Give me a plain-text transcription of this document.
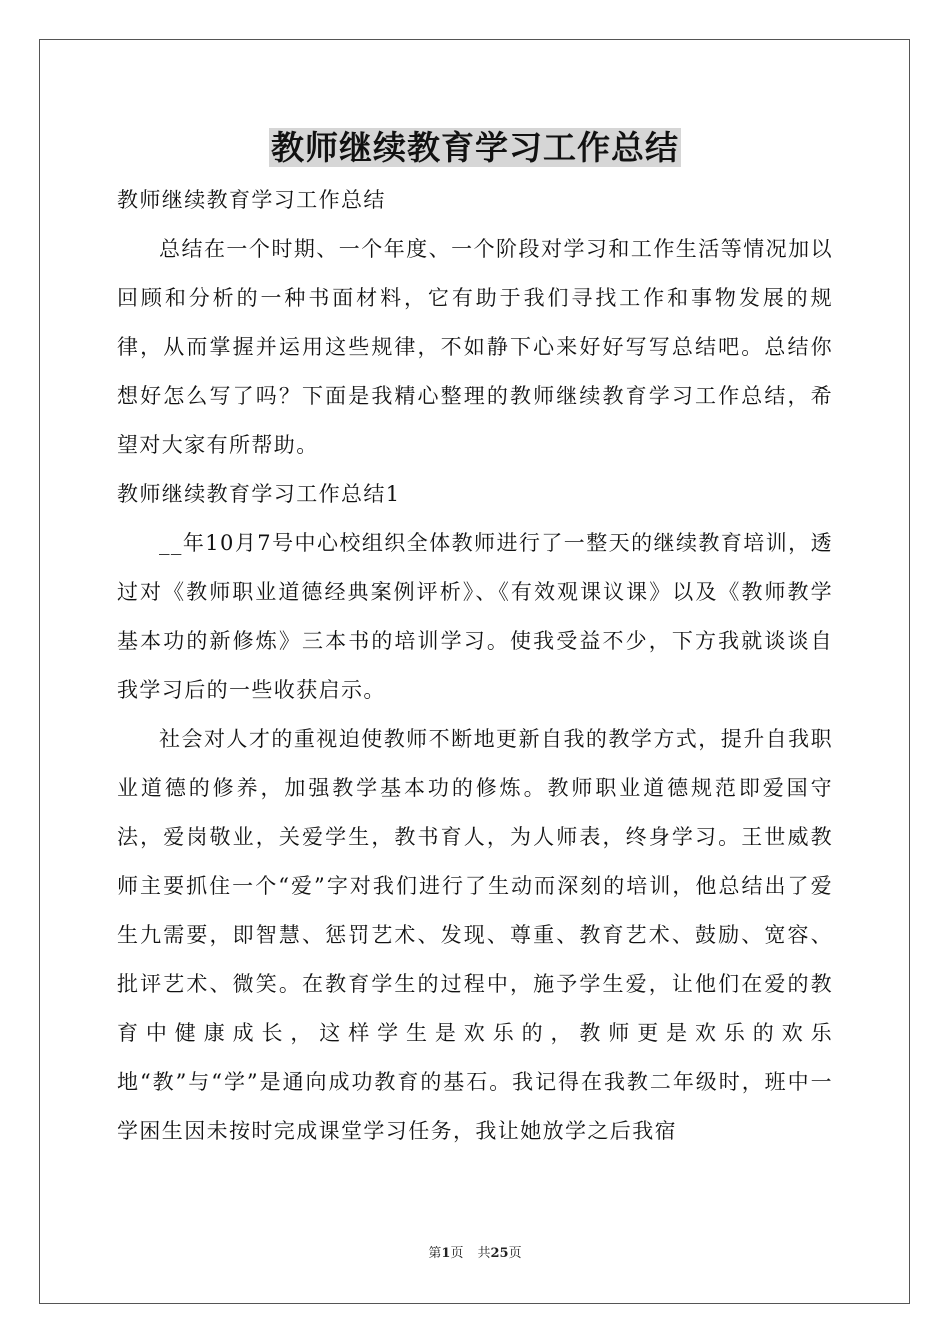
教师继续教育学习工作总结

教师继续教育学习工作总结

总结在一个时期、一个年度、一个阶段对学习和工作生活等情况加以回顾和分析的一种书面材料，它有助于我们寻找工作和事物发展的规律，从而掌握并运用这些规律，不如静下心来好好写写总结吧。总结你想好怎么写了吗？下面是我精心整理的教师继续教育学习工作总结，希望对大家有所帮助。

教师继续教育学习工作总结1

__年10月7号中心校组织全体教师进行了一整天的继续教育培训，透过对《教师职业道德经典案例评析》、《有效观课议课》以及《教师教学基本功的新修炼》三本书的培训学习。使我受益不少，下方我就谈谈自我学习后的一些收获启示。

社会对人才的重视迫使教师不断地更新自我的教学方式，提升自我职业道德的修养，加强教学基本功的修炼。教师职业道德规范即爱国守法，爱岗敬业，关爱学生，教书育人，为人师表，终身学习。王世威教师主要抓住一个“爱”字对我们进行了生动而深刻的培训，他总结出了爱生九需要，即智慧、惩罚艺术、发现、尊重、教育艺术、鼓励、宽容、批评艺术、微笑。在教育学生的过程中，施予学生爱，让他们在爱的教育中健康成长，这样学生是欢乐的，教师更是欢乐的欢乐地“教”与“学”是通向成功教育的基石。我记得在我教二年级时，班中一学困生因未按时完成课堂学习任务，我让她放学之后我宿

第1页 共25页
